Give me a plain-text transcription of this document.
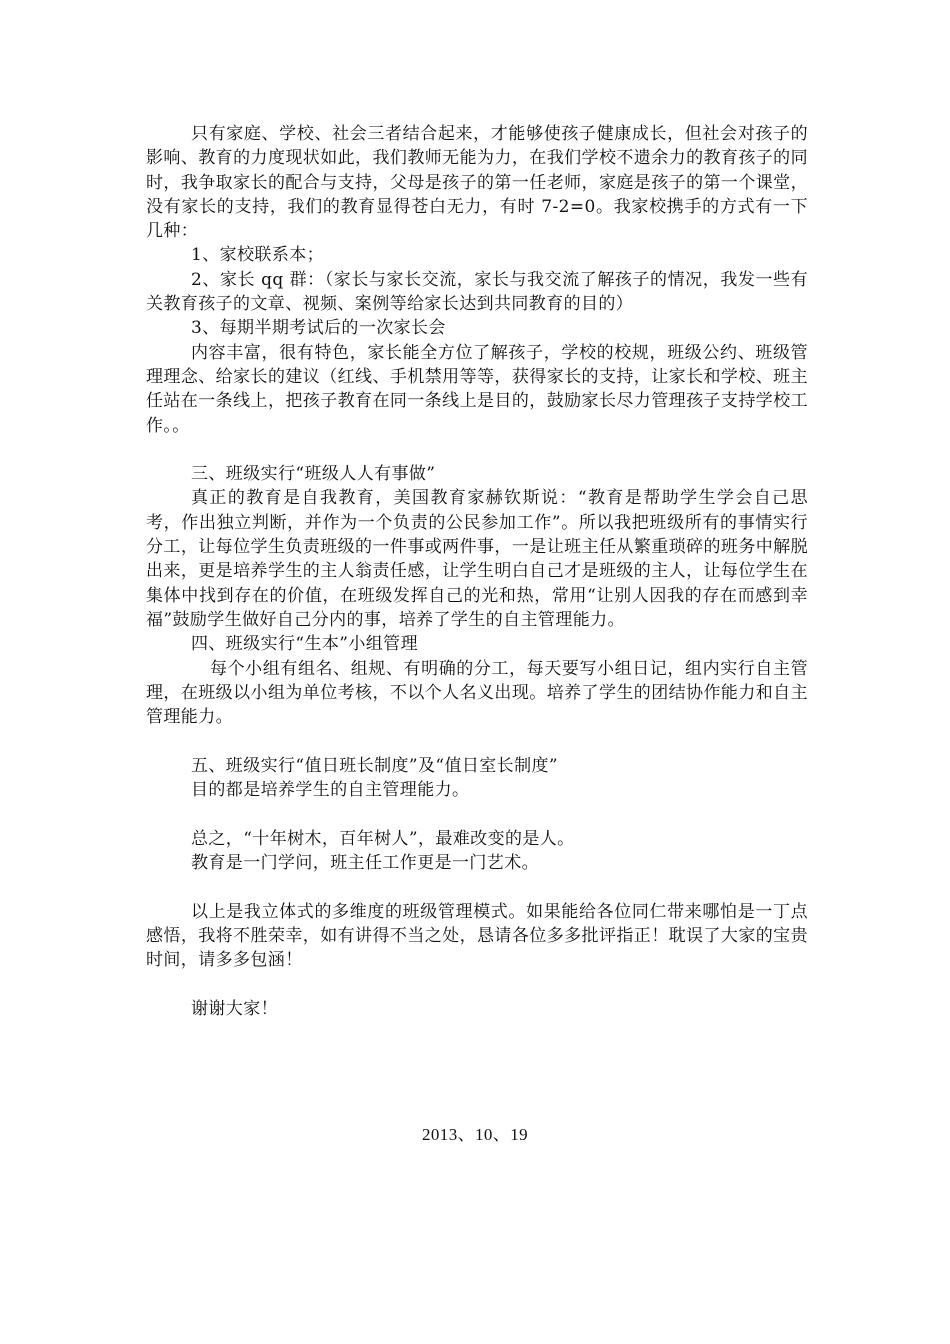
只有家庭、学校、社会三者结合起来，才能够使孩子健康成长，但社会对孩子的影响、教育的力度现状如此，我们教师无能为力，在我们学校不遗余力的教育孩子的同时，我争取家长的配合与支持，父母是孩子的第一任老师，家庭是孩子的第一个课堂，没有家长的支持，我们的教育显得苍白无力，有时 7-2=0。我家校携手的方式有一下几种：

1、家校联系本；

2、家长 qq 群：（家长与家长交流，家长与我交流了解孩子的情况，我发一些有关教育孩子的文章、视频、案例等给家长达到共同教育的目的）

3、每期半期考试后的一次家长会

内容丰富，很有特色，家长能全方位了解孩子，学校的校规，班级公约、班级管理理念、给家长的建议（红线、手机禁用等等，获得家长的支持，让家长和学校、班主任站在一条线上，把孩子教育在同一条线上是目的，鼓励家长尽力管理孩子支持学校工作。。

三、班级实行“班级人人有事做”

真正的教育是自我教育，美国教育家赫钦斯说：“教育是帮助学生学会自己思考，作出独立判断，并作为一个负责的公民参加工作”。所以我把班级所有的事情实行分工，让每位学生负责班级的一件事或两件事，一是让班主任从繁重琐碎的班务中解脱出来，更是培养学生的主人翁责任感，让学生明白自己才是班级的主人，让每位学生在集体中找到存在的价值，在班级发挥自己的光和热，常用“让别人因我的存在而感到幸福”鼓励学生做好自己分内的事，培养了学生的自主管理能力。

四、班级实行“生本”小组管理

每个小组有组名、组规、有明确的分工，每天要写小组日记，组内实行自主管理，在班级以小组为单位考核，不以个人名义出现。培养了学生的团结协作能力和自主管理能力。

五、班级实行“值日班长制度”及“值日室长制度”

目的都是培养学生的自主管理能力。

总之，“十年树木，百年树人”，最难改变的是人。

教育是一门学问，班主任工作更是一门艺术。

以上是我立体式的多维度的班级管理模式。如果能给各位同仁带来哪怕是一丁点感悟，我将不胜荣幸，如有讲得不当之处，恳请各位多多批评指正！耽误了大家的宝贵时间，请多多包涵！

谢谢大家！

2013、10、19
